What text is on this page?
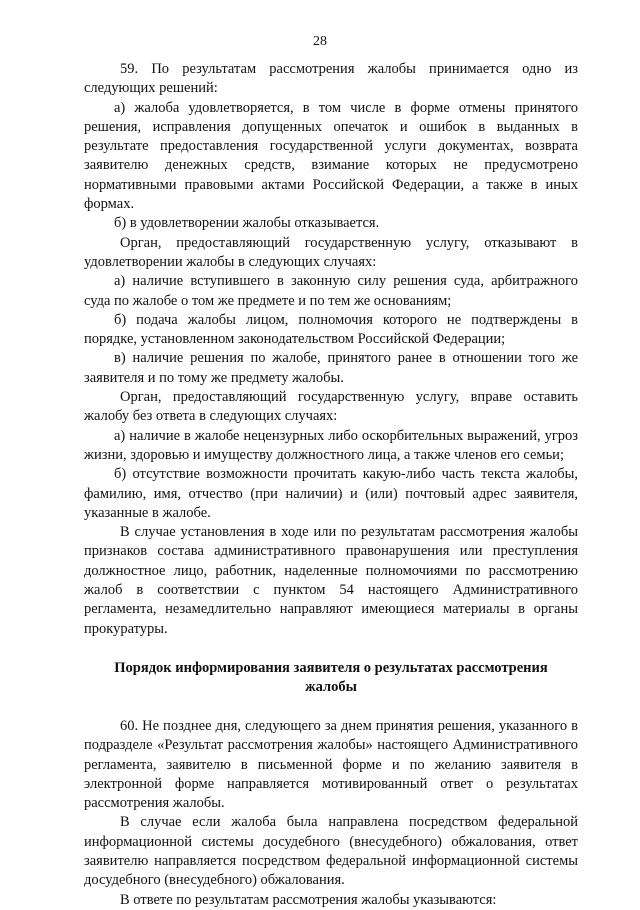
28

59. По результатам рассмотрения жалобы принимается одно из следующих решений:

а) жалоба удовлетворяется, в том числе в форме отмены принятого решения, исправления допущенных опечаток и ошибок в выданных в результате предоставления государственной услуги документах, возврата заявителю денежных средств, взимание которых не предусмотрено нормативными правовыми актами Российской Федерации, а также в иных формах.

б) в удовлетворении жалобы отказывается.

Орган, предоставляющий государственную услугу, отказывают в удовлетворении жалобы в следующих случаях:

а) наличие вступившего в законную силу решения суда, арбитражного суда по жалобе о том же предмете и по тем же основаниям;

б) подача жалобы лицом, полномочия которого не подтверждены в порядке, установленном законодательством Российской Федерации;

в) наличие решения по жалобе, принятого ранее в отношении того же заявителя и по тому же предмету жалобы.

Орган, предоставляющий государственную услугу, вправе оставить жалобу без ответа в следующих случаях:

а) наличие в жалобе нецензурных либо оскорбительных выражений, угроз жизни, здоровью и имуществу должностного лица, а также членов его семьи;

б) отсутствие возможности прочитать какую-либо часть текста жалобы, фамилию, имя, отчество (при наличии) и (или) почтовый адрес заявителя, указанные в жалобе.

В случае установления в ходе или по результатам рассмотрения жалобы признаков состава административного правонарушения или преступления должностное лицо, работник, наделенные полномочиями по рассмотрению жалоб в соответствии с пунктом 54 настоящего Административного регламента, незамедлительно направляют имеющиеся материалы в органы прокуратуры.

Порядок информирования заявителя о результатах рассмотрения жалобы

60. Не позднее дня, следующего за днем принятия решения, указанного в подразделе «Результат рассмотрения жалобы» настоящего Административного регламента, заявителю в письменной форме и по желанию заявителя в электронной форме направляется мотивированный ответ о результатах рассмотрения жалобы.

В случае если жалоба была направлена посредством федеральной информационной системы досудебного (внесудебного) обжалования, ответ заявителю направляется посредством федеральной информационной системы досудебного (внесудебного) обжалования.

В ответе по результатам рассмотрения жалобы указываются:
